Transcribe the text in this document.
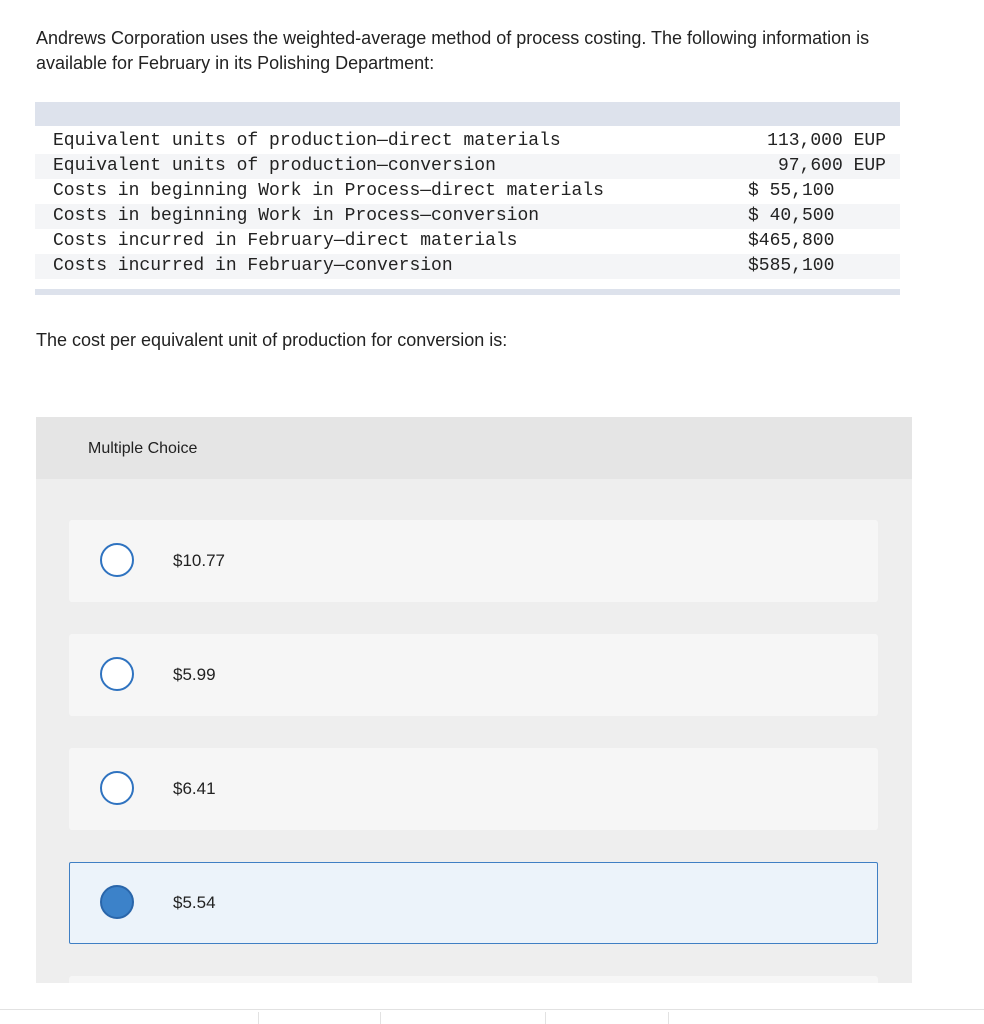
Andrews Corporation uses the weighted-average method of process costing. The following information is available for February in its Polishing Department:
Equivalent units of production—direct materials	113,000 EUP
Equivalent units of production—conversion	97,600 EUP
Costs in beginning Work in Process—direct materials	$ 55,100
Costs in beginning Work in Process—conversion	$ 40,500
Costs incurred in February—direct materials	$465,800
Costs incurred in February—conversion	$585,100
The cost per equivalent unit of production for conversion is:
Multiple Choice
$10.77
$5.99
$6.41
$5.54
